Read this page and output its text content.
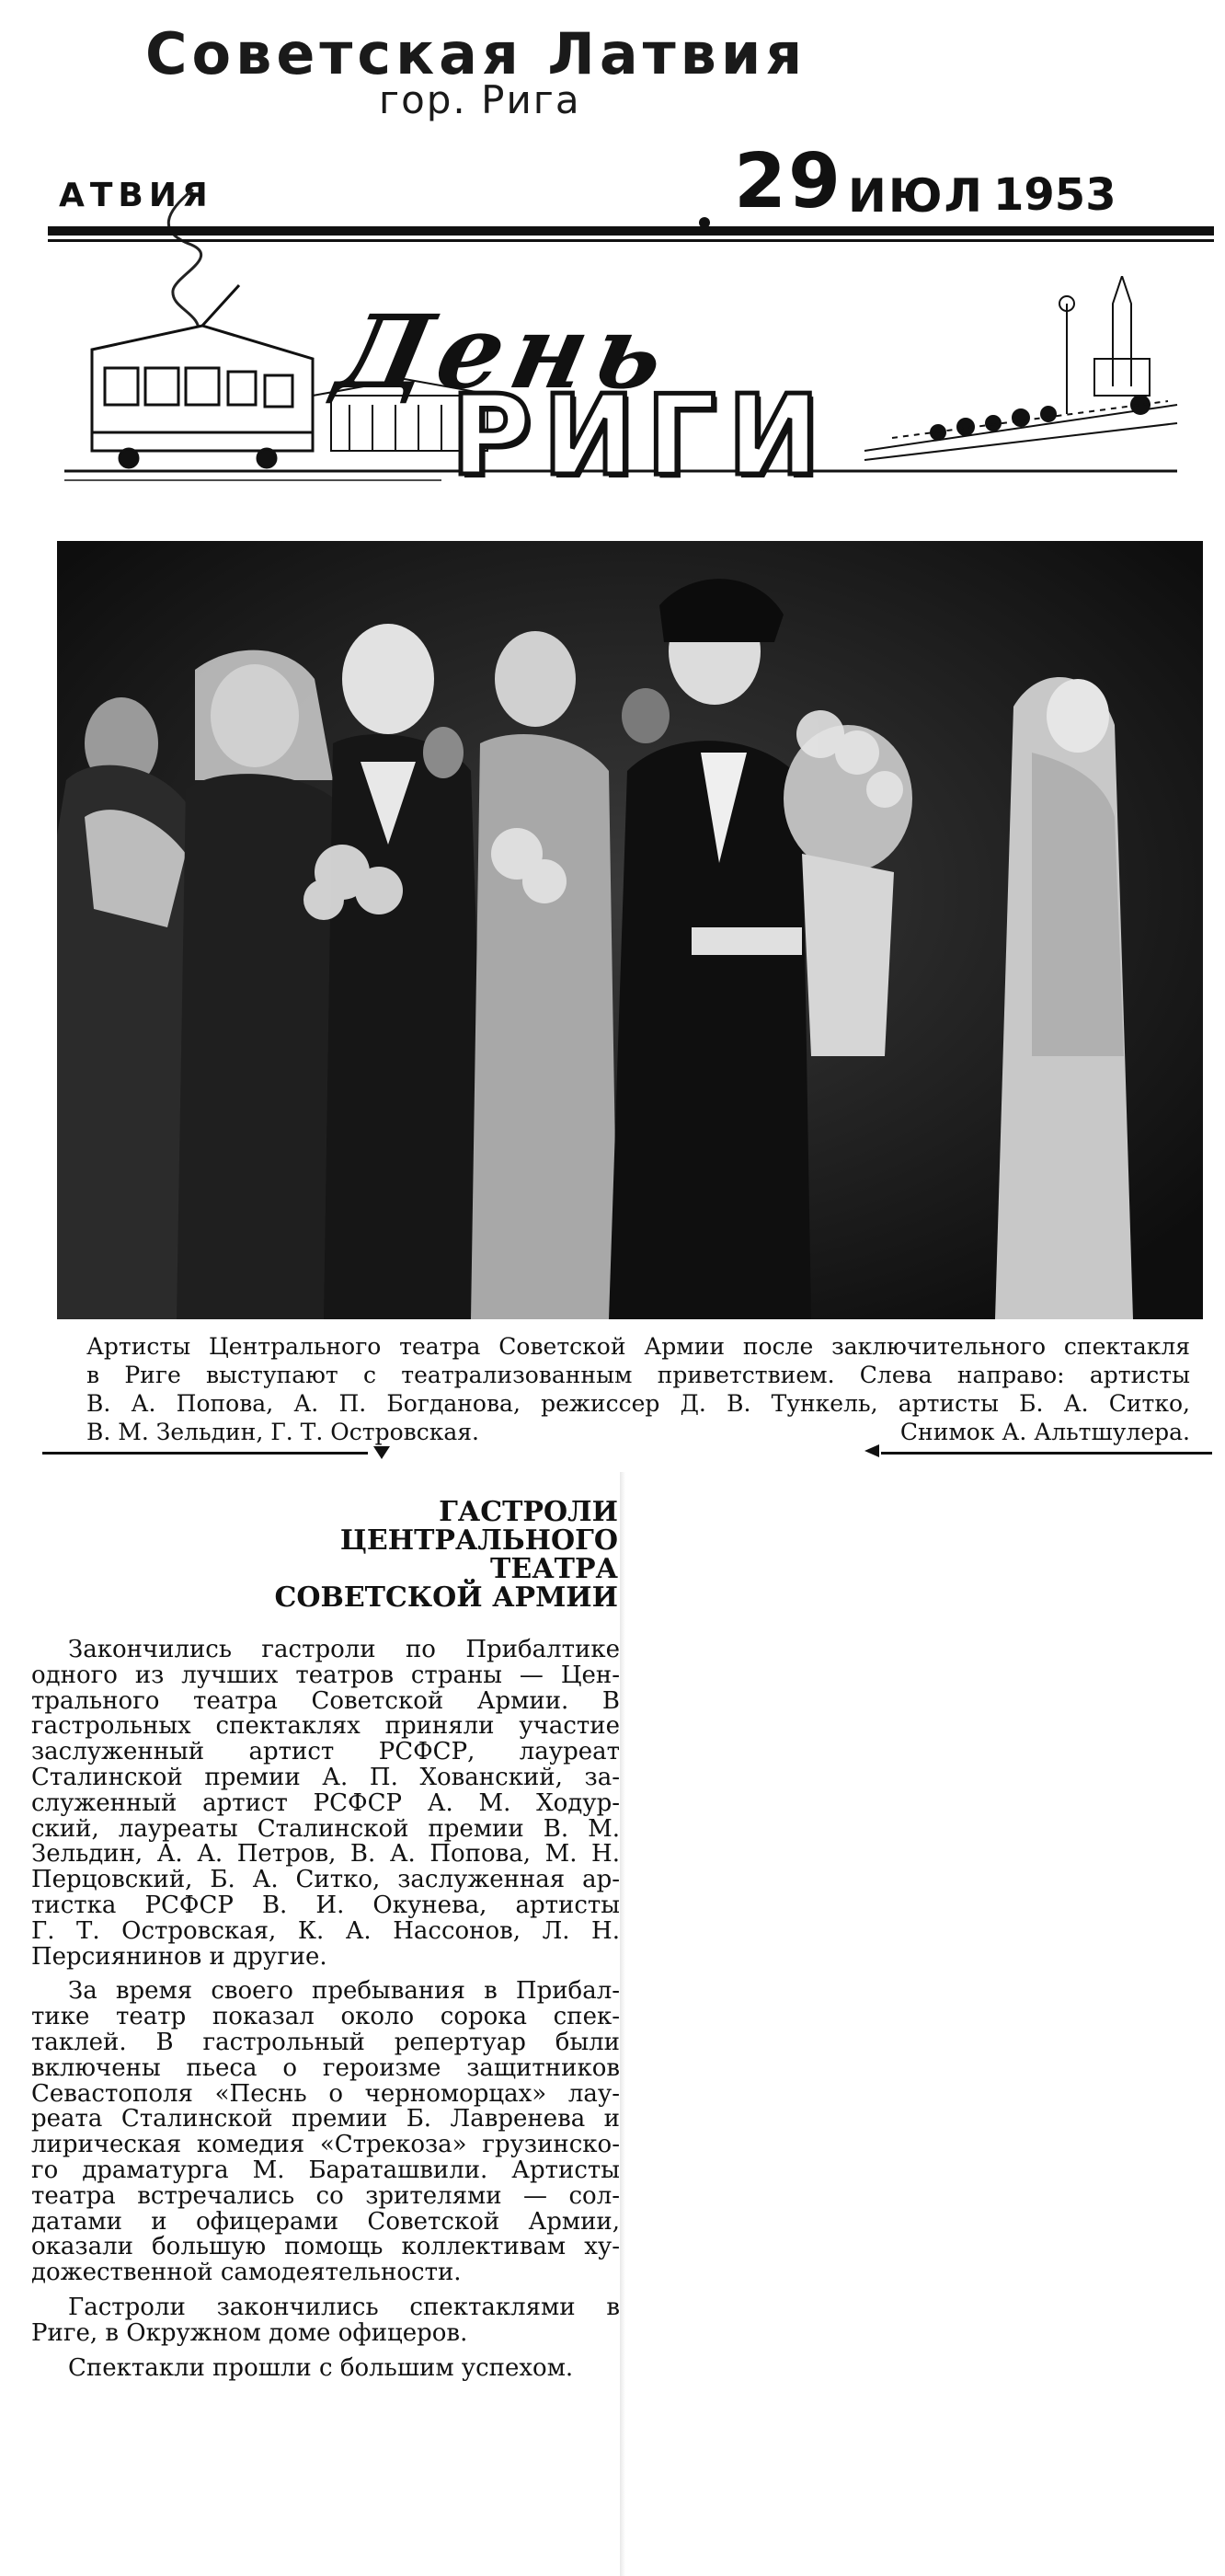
Советская Латвия
гор. Рига
АТВИЯ	29 ИЮЛ 1953
День
РИГИ
Артисты Центрального театра Советской Армии после заключительного спектакля
в Риге выступают с театрализованным приветствием. Слева направо: артисты
В. А. Попова, А. П. Богданова, режиссер Д. В. Тункель, артисты Б. А. Ситко,
В. М. Зельдин, Г. Т. Островская.	Снимок А. Альтшулера.
ГАСТРОЛИ
ЦЕНТРАЛЬНОГО
ТЕАТРА
СОВЕТСКОЙ АРМИИ

Закончились гастроли по Прибалтике
одного из лучших театров страны — Цен-
трального театра Советской Армии. В
гастрольных спектаклях приняли участие
заслуженный артист РСФСР, лауреат
Сталинской премии А. П. Хованский, за-
служенный артист РСФСР А. М. Ходур-
ский, лауреаты Сталинской премии В. М.
Зельдин, А. А. Петров, В. А. Попова, М. Н.
Перцовский, Б. А. Ситко, заслуженная ар-
тистка РСФСР В. И. Окунева, артисты
Г. Т. Островская, К. А. Нассонов, Л. Н.
Персиянинов и другие.

За время своего пребывания в Прибал-
тике театр показал около сорока спек-
таклей. В гастрольный репертуар были
включены пьеса о героизме защитников
Севастополя «Песнь о черноморцах» лау-
реата Сталинской премии Б. Лавренева и
лирическая комедия «Стрекоза» грузинско-
го драматурга М. Бараташвили. Артисты
театра встречались со зрителями — сол-
датами и офицерами Советской Армии,
оказали большую помощь коллективам ху-
дожественной самодеятельности.

Гастроли закончились спектаклями в
Риге, в Окружном доме офицеров.

Спектакли прошли с большим успехом.
